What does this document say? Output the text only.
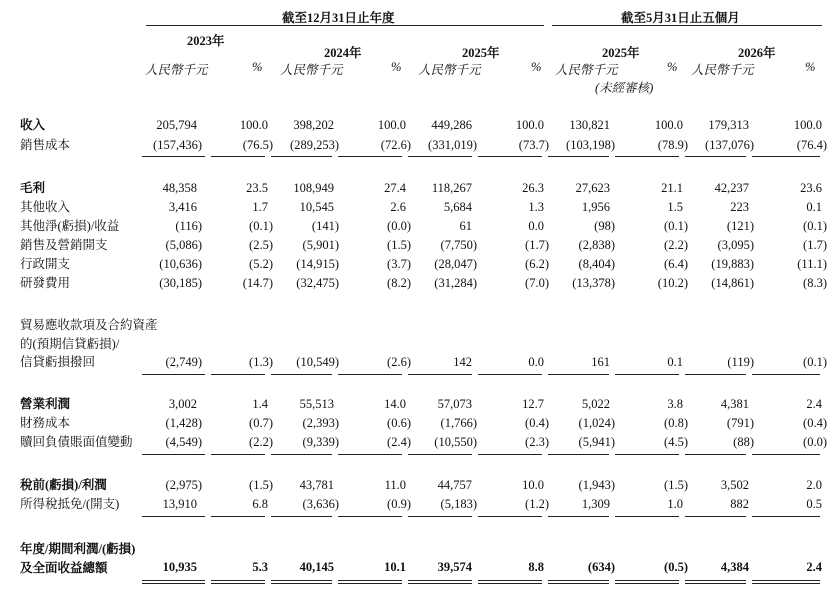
截至12月31日止年度	截至5月31日止五個月
2023年
2024年	2025年	2025年	2026年
人民幣千元	% 人民幣千元	% 人民幣千元	% 人民幣千元
(未經審核)
% 人民幣千元	%
收入	205,794	100.0 398,202	100.0 449,286	100.0 130,821	100.0 179,313	100.0
銷售成本	(157,436)	(76.5) (289,253)	(72.6) (331,019)	(73.7) (103,198)	(78.9) (137,076)	(76.4)
毛利	48,358	23.5 108,949	27.4 118,267	26.3	27,623	21.1	42,237	23.6
其他收入	3,416	1.7	10,545	2.6	5,684	1.3	1,956	1.5	223	0.1
其他淨(虧損)/收益	(116)	(0.1)	(141)	(0.0)	61	0.0	(98)	(0.1)	(121)	(0.1)
銷售及營銷開支	(5,086)	(2.5) (5,901)	(1.5) (7,750)	(1.7) (2,838)	(2.2) (3,095)	(1.7)
行政開支	(10,636)	(5.2) (14,915)	(3.7) (28,047)	(6.2) (8,404)	(6.4) (19,883)	(11.1)
研發費用	(30,185)	(14.7) (32,475)	(8.2) (31,284)	(7.0) (13,378)	(10.2) (14,861)	(8.3)
貿易應收款項及合約資產
的(預期信貸虧損)/
信貸虧損撥回	(2,749)	(1.3) (10,549)	(2.6)	142	0.0	161	0.1	(119)	(0.1)
營業利潤	3,002	1.4	55,513	14.0	57,073	12.7	5,022	3.8	4,381	2.4
財務成本	(1,428)	(0.7) (2,393)	(0.6) (1,766)	(0.4) (1,024)	(0.8)	(791)	(0.4)
贖回負債賬面值變動	(4,549)	(2.2) (9,339)	(2.4) (10,550)	(2.3) (5,941)	(4.5)	(88)	(0.0)
稅前(虧損)/利潤	(2,975)	(1.5) 43,781	11.0	44,757	10.0	(1,943)	(1.5)	3,502	2.0
所得稅抵免/(開支)	13,910	6.8	(3,636)	(0.9) (5,183)	(1.2)	1,309	1.0	882	0.5
年度/期間利潤/(虧損)
及全面收益總額	10,935	5.3	40,145	10.1	39,574	8.8	(634)	(0.5)	4,384	2.4
